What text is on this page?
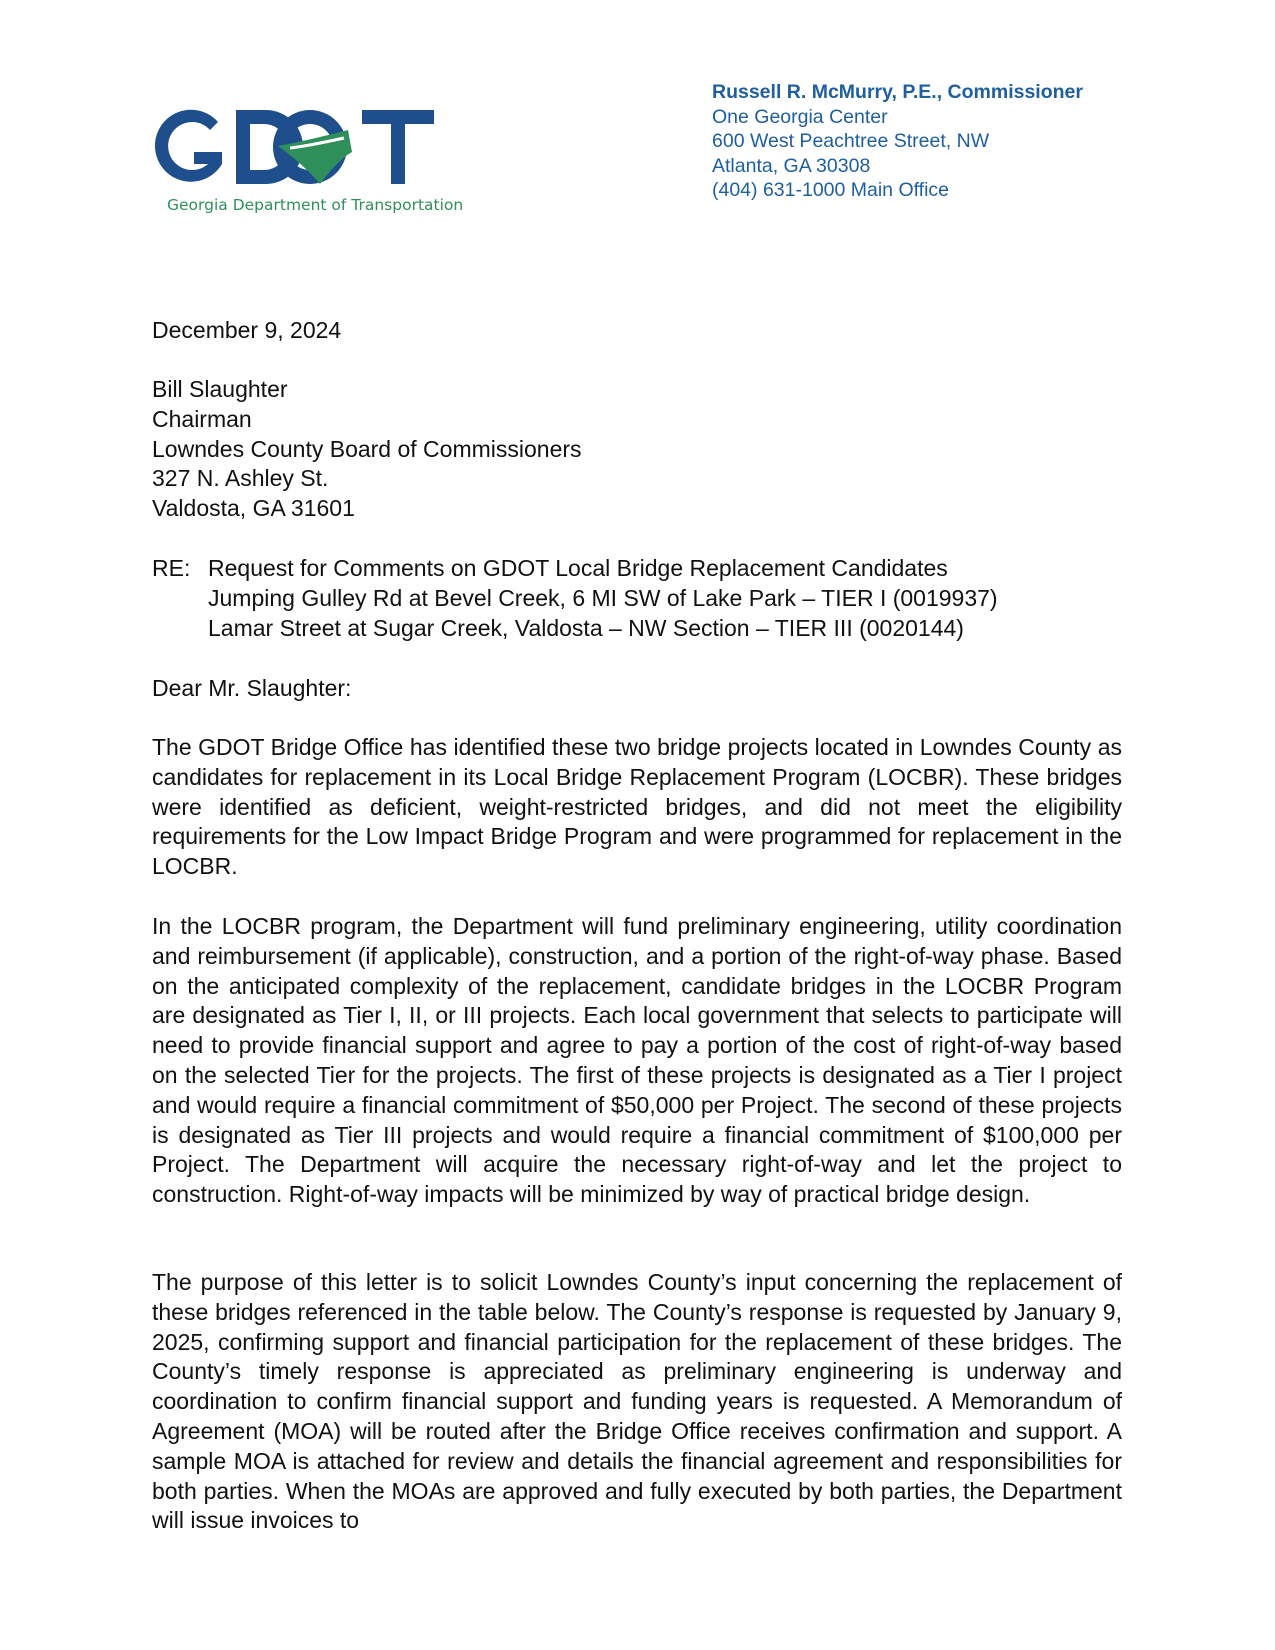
Georgia Department of Transportation
Russell R. McMurry, P.E., Commissioner
One Georgia Center
600 West Peachtree Street, NW
Atlanta, GA 30308
(404) 631-1000 Main Office
December 9, 2024
Bill Slaughter
Chairman
Lowndes County Board of Commissioners
327 N. Ashley St.
Valdosta, GA 31601
RE: Request for Comments on GDOT Local Bridge Replacement Candidates
Jumping Gulley Rd at Bevel Creek, 6 MI SW of Lake Park – TIER I (0019937)
Lamar Street at Sugar Creek, Valdosta – NW Section – TIER III (0020144)
Dear Mr. Slaughter:
The GDOT Bridge Office has identified these two bridge projects located in Lowndes County as candidates for replacement in its Local Bridge Replacement Program (LOCBR). These bridges were identified as deficient, weight-restricted bridges, and did not meet the eligibility requirements for the Low Impact Bridge Program and were programmed for replacement in the LOCBR.
In the LOCBR program, the Department will fund preliminary engineering, utility coordination and reimbursement (if applicable), construction, and a portion of the right-of-way phase. Based on the anticipated complexity of the replacement, candidate bridges in the LOCBR Program are designated as Tier I, II, or III projects. Each local government that selects to participate will need to provide financial support and agree to pay a portion of the cost of right-of-way based on the selected Tier for the projects. The first of these projects is designated as a Tier I project and would require a financial commitment of $50,000 per Project. The second of these projects is designated as Tier III projects and would require a financial commitment of $100,000 per Project. The Department will acquire the necessary right-of-way and let the project to construction. Right-of-way impacts will be minimized by way of practical bridge design.
The purpose of this letter is to solicit Lowndes County’s input concerning the replacement of these bridges referenced in the table below. The County’s response is requested by January 9, 2025, confirming support and financial participation for the replacement of these bridges. The County’s timely response is appreciated as preliminary engineering is underway and coordination to confirm financial support and funding years is requested. A Memorandum of Agreement (MOA) will be routed after the Bridge Office receives confirmation and support. A sample MOA is attached for review and details the financial agreement and responsibilities for both parties. When the MOAs are approved and fully executed by both parties, the Department will issue invoices to
